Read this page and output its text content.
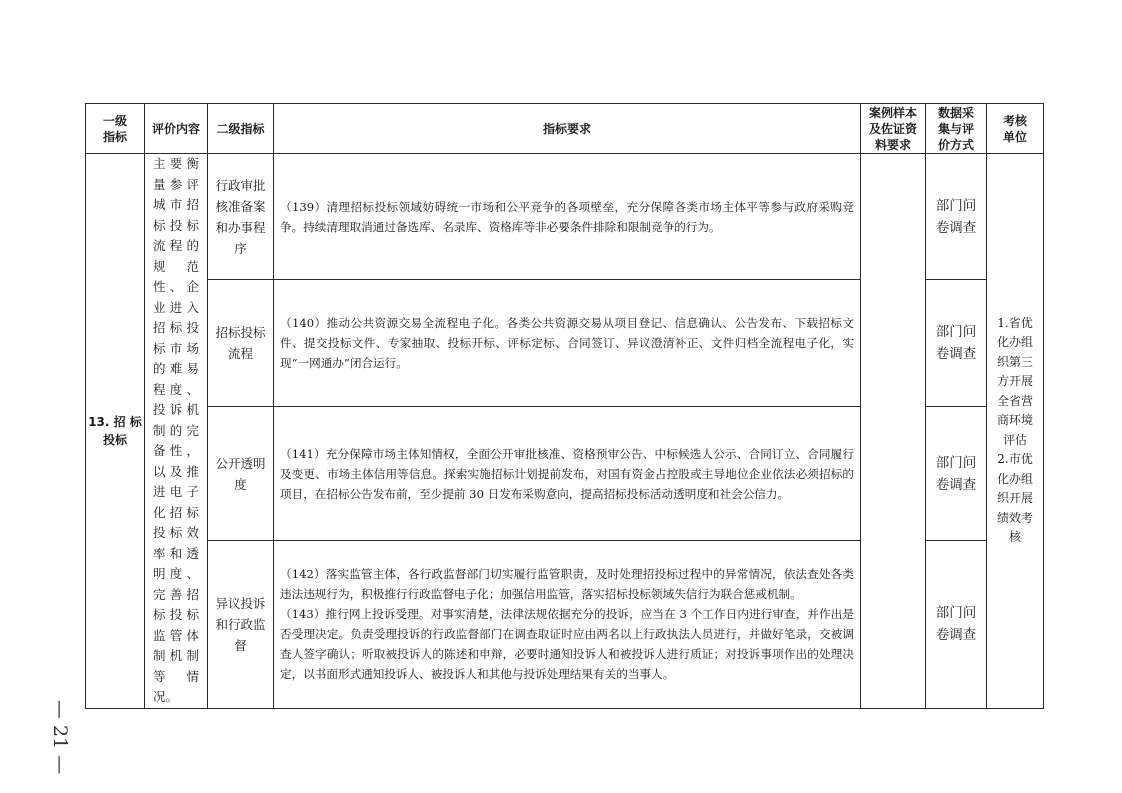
一级
指标	评价内容	二级指标	指标要求	案例样本
及佐证资
料要求	数据采
集与评
价方式	考核
单位
13. 招 标
投标	主要衡量参评城市招标投标流程的规范性、企业进入招标投标市场的难易程度、投诉机制的完备性，以及推进电子化招标投标效率和透明度、完善招标投标监管体制机制等情况。	行政审批核准备案和办事程序	（139）清理招标投标领域妨碍统一市场和公平竞争的各项壁垒，充分保障各类市场主体平等参与政府采购竞争。持续清理取消通过备选库、名录库、资格库等非必要条件排除和限制竞争的行为。		部门问卷调查	1.省优化办组织第三方开展全省营商环境评估
2.市优化办组织开展绩效考核
		招标投标流程	（140）推动公共资源交易全流程电子化。各类公共资源交易从项目登记、信息确认、公告发布、下载招标文件、提交投标文件、专家抽取、投标开标、评标定标、合同签订、异议澄清补正、文件归档全流程电子化，实现“一网通办”闭合运行。		部门问卷调查	
		公开透明度	（141）充分保障市场主体知情权，全面公开审批核准、资格预审公告、中标候选人公示、合同订立、合同履行及变更、市场主体信用等信息。探索实施招标计划提前发布，对国有资金占控股或主导地位企业依法必须招标的项目，在招标公告发布前，至少提前 30 日发布采购意向，提高招标投标活动透明度和社会公信力。		部门问卷调查	
		异议投诉和行政监督	（142）落实监管主体，各行政监督部门切实履行监管职责，及时处理招投标过程中的异常情况，依法查处各类违法违规行为，积极推行行政监督电子化；加强信用监管，落实招标投标领域失信行为联合惩戒机制。

（143）推行网上投诉受理。对事实清楚，法律法规依据充分的投诉，应当在 3 个工作日内进行审查，并作出是否受理决定。负责受理投诉的行政监督部门在调查取证时应由两名以上行政执法人员进行，并做好笔录，交被调查人签字确认；听取被投诉人的陈述和申辩，必要时通知投诉人和被投诉人进行质证；对投诉事项作出的处理决定，以书面形式通知投诉人、被投诉人和其他与投诉处理结果有关的当事人。		部门问卷调查	
— 21 —
